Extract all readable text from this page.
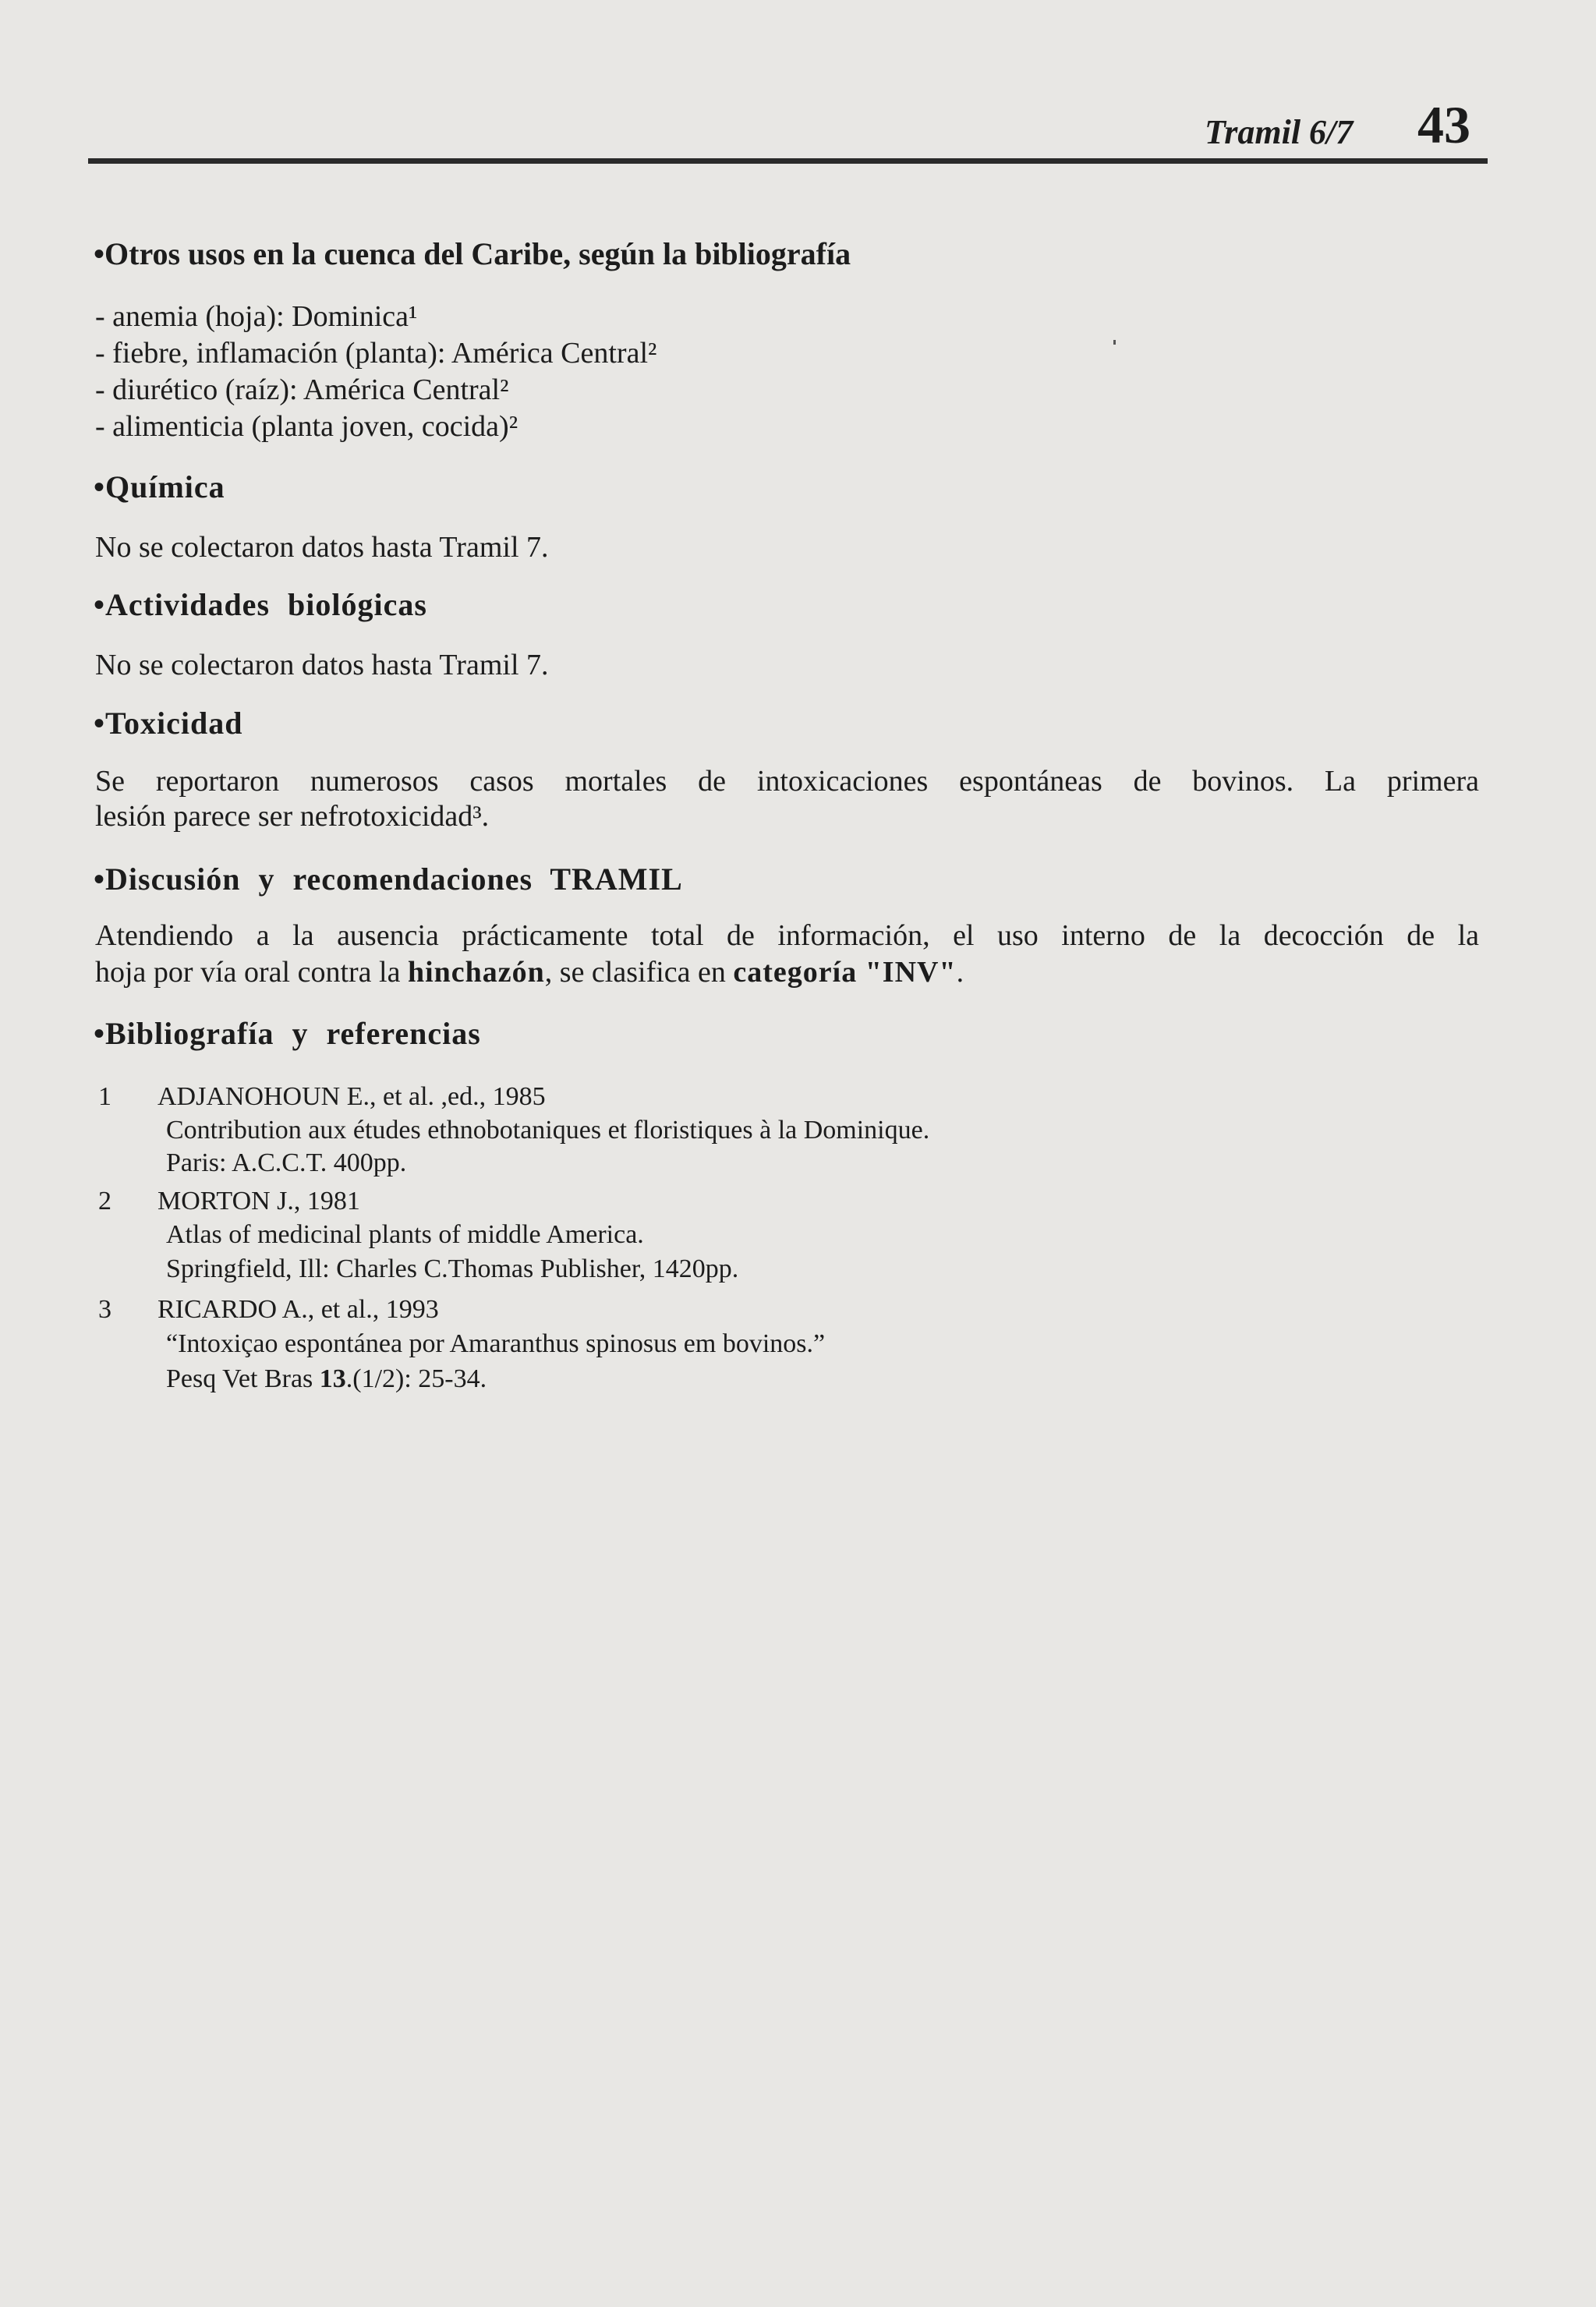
Tramil 6/7 43
•Otros usos en la cuenca del Caribe, según la bibliografía
- anemia (hoja): Dominica¹
- fiebre, inflamación (planta): América Central²
- diurético (raíz): América Central²
- alimenticia (planta joven, cocida)²
•Química
No se colectaron datos hasta Tramil 7.
•Actividades biológicas
No se colectaron datos hasta Tramil 7.
•Toxicidad
Se reportaron numerosos casos mortales de intoxicaciones espontáneas de bovinos. La primera
lesión parece ser nefrotoxicidad³.
•Discusión y recomendaciones TRAMIL
Atendiendo a la ausencia prácticamente total de información, el uso interno de la decocción de la
hoja por vía oral contra la hinchazón, se clasifica en categoría "INV".
•Bibliografía y referencias
1 ADJANOHOUN E., et al. ,ed., 1985
Contribution aux études ethnobotaniques et floristiques à la Dominique.
Paris: A.C.C.T. 400pp.
2 MORTON J., 1981
Atlas of medicinal plants of middle America.
Springfield, Ill: Charles C.Thomas Publisher, 1420pp.
3 RICARDO A., et al., 1993
“Intoxiçao espontánea por Amaranthus spinosus em bovinos.”
Pesq Vet Bras 13.(1/2): 25-34.
